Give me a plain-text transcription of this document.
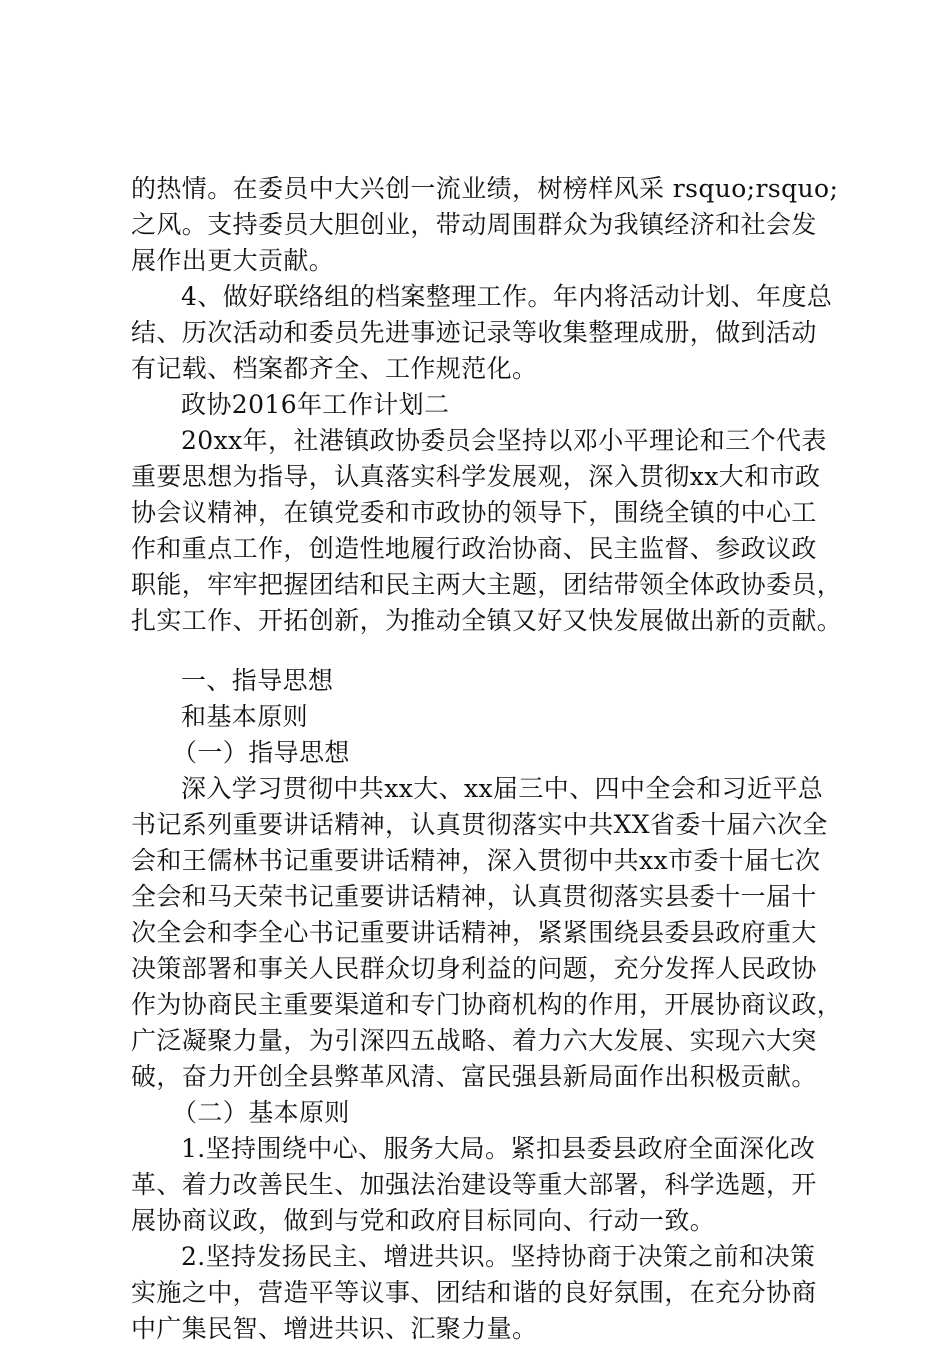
的热情。在委员中大兴创一流业绩，树榜样风采 rsquo;rsquo;
之风。支持委员大胆创业，带动周围群众为我镇经济和社会发
展作出更大贡献。
4、做好联络组的档案整理工作。年内将活动计划、年度总
结、历次活动和委员先进事迹记录等收集整理成册，做到活动
有记载、档案都齐全、工作规范化。
政协2016年工作计划二
20xx年，社港镇政协委员会坚持以邓小平理论和三个代表
重要思想为指导，认真落实科学发展观，深入贯彻xx大和市政
协会议精神，在镇党委和市政协的领导下，围绕全镇的中心工
作和重点工作，创造性地履行政治协商、民主监督、参政议政
职能，牢牢把握团结和民主两大主题，团结带领全体政协委员，
扎实工作、开拓创新，为推动全镇又好又快发展做出新的贡献。
一、指导思想
和基本原则
（一）指导思想
深入学习贯彻中共xx大、xx届三中、四中全会和习近平总
书记系列重要讲话精神，认真贯彻落实中共XX省委十届六次全
会和王儒林书记重要讲话精神，深入贯彻中共xx市委十届七次
全会和马天荣书记重要讲话精神，认真贯彻落实县委十一届十
次全会和李全心书记重要讲话精神，紧紧围绕县委县政府重大
决策部署和事关人民群众切身利益的问题，充分发挥人民政协
作为协商民主重要渠道和专门协商机构的作用，开展协商议政，
广泛凝聚力量，为引深四五战略、着力六大发展、实现六大突
破，奋力开创全县弊革风清、富民强县新局面作出积极贡献。
（二）基本原则
1.坚持围绕中心、服务大局。紧扣县委县政府全面深化改
革、着力改善民生、加强法治建设等重大部署，科学选题，开
展协商议政，做到与党和政府目标同向、行动一致。
2.坚持发扬民主、增进共识。坚持协商于决策之前和决策
实施之中，营造平等议事、团结和谐的良好氛围，在充分协商
中广集民智、增进共识、汇聚力量。
